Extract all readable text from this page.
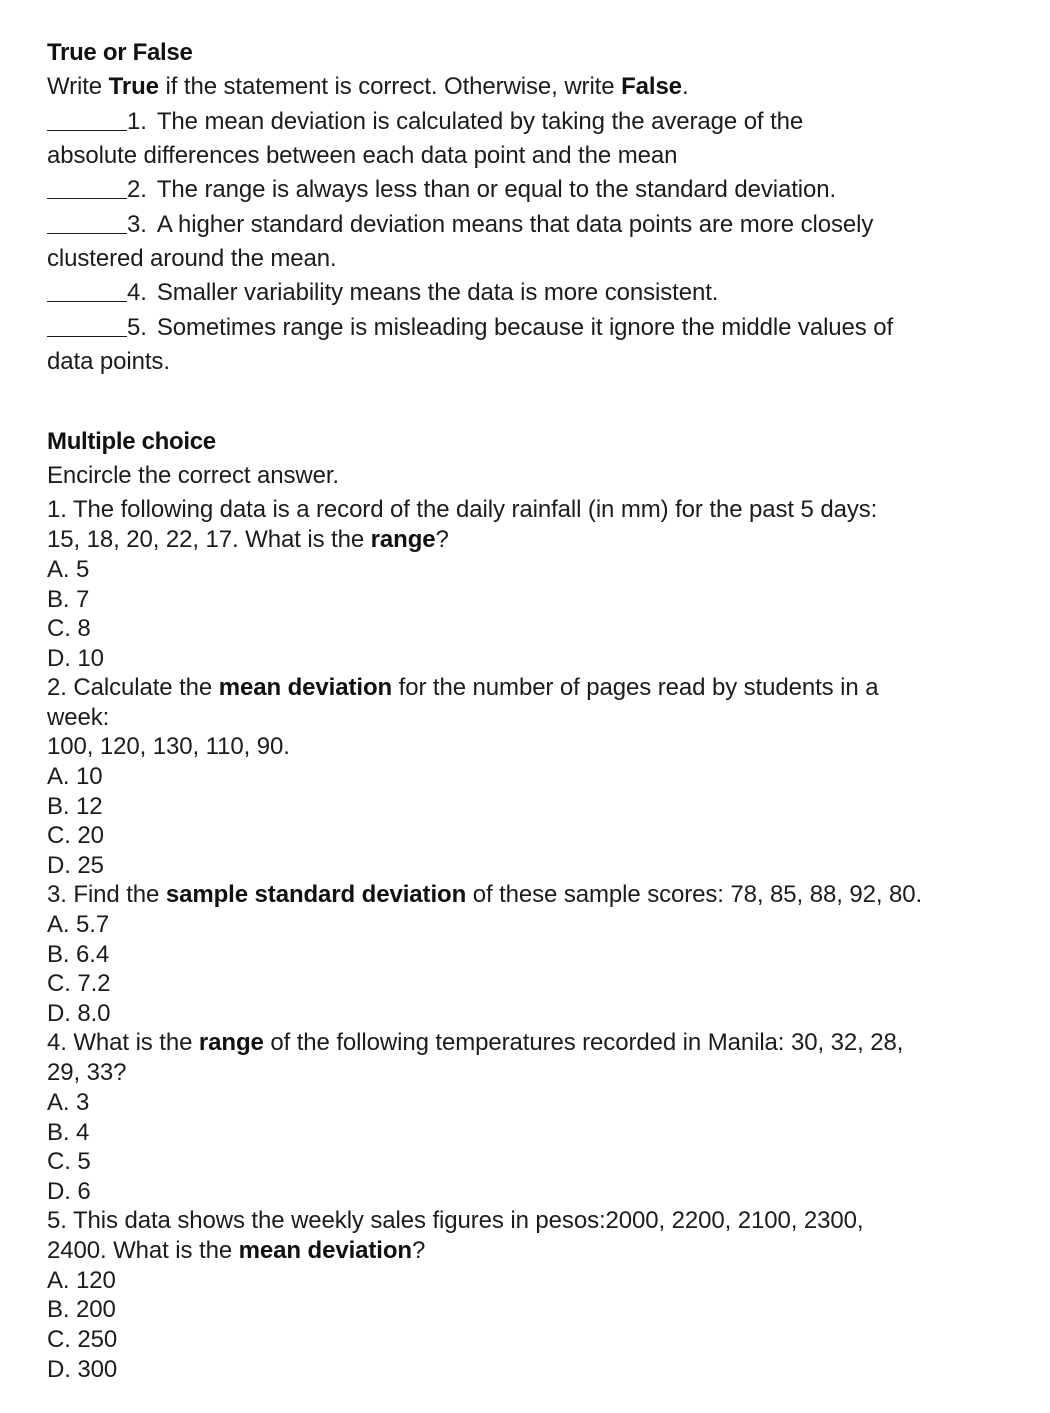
True or False
Write True if the statement is correct. Otherwise, write False.
1. The mean deviation is calculated by taking the average of the
absolute differences between each data point and the mean
2. The range is always less than or equal to the standard deviation.
3. A higher standard deviation means that data points are more closely
clustered around the mean.
4. Smaller variability means the data is more consistent.
5. Sometimes range is misleading because it ignore the middle values of
data points.
Multiple choice
Encircle the correct answer.
1. The following data is a record of the daily rainfall (in mm) for the past 5 days:
15, 18, 20, 22, 17. What is the range?
A. 5
B. 7
C. 8
D. 10
2. Calculate the mean deviation for the number of pages read by students in a
week:
100, 120, 130, 110, 90.
A. 10
B. 12
C. 20
D. 25
3. Find the sample standard deviation of these sample scores: 78, 85, 88, 92, 80.
A. 5.7
B. 6.4
C. 7.2
D. 8.0
4. What is the range of the following temperatures recorded in Manila: 30, 32, 28,
29, 33?
A. 3
B. 4
C. 5
D. 6
5. This data shows the weekly sales figures in pesos:2000, 2200, 2100, 2300,
2400. What is the mean deviation?
A. 120
B. 200
C. 250
D. 300
